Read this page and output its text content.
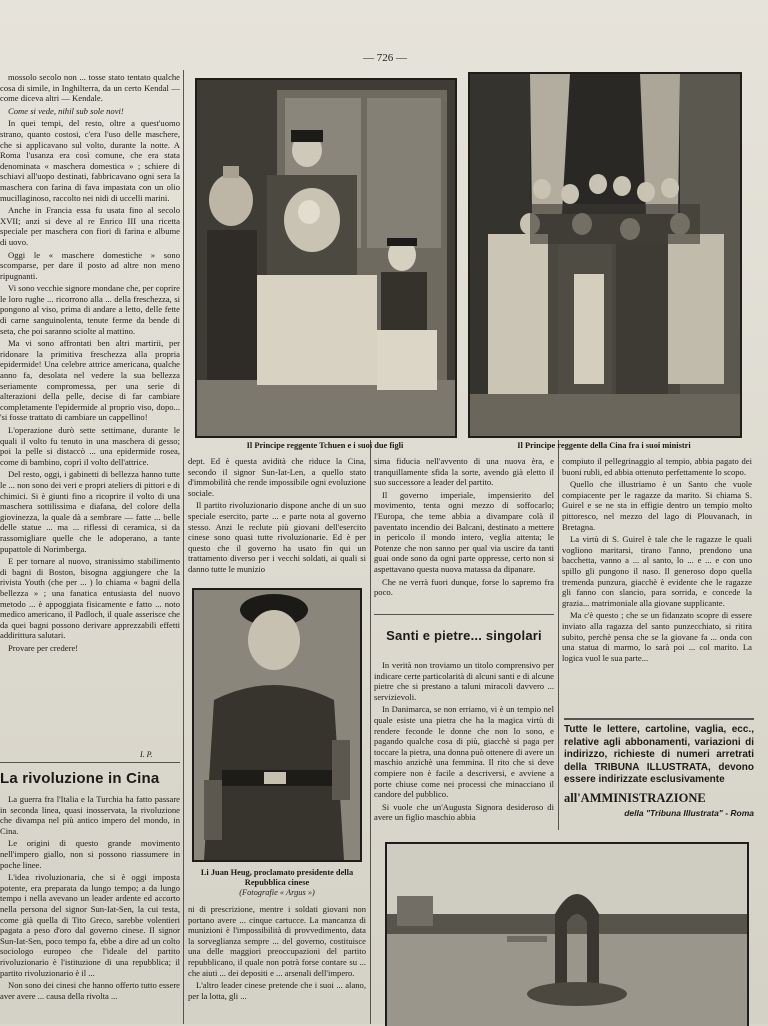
— 726 —

mossolo secolo non ... tosse stato tentato qualche cosa di simile, in Inghilterra, da un certo Kendal — come diceva altri — Kendale.

Come si vede, nihil sub sole novi!

In quei tempi, del resto, oltre a quest'uomo strano, quanto costosi, c'era l'uso delle maschere, che si applicavano sul volto, durante la notte. A Roma l'usanza era così comune, che era stata denominata « maschera domestica » ; schiere di schiavi all'uopo destinati, fabbricavano ogni sera la maschera con farina di fava impastata con un olio mucillaginoso, raccolto nei nidi di uccelli marini.

Anche in Francia essa fu usata fino al secolo XVII; anzi si deve al re Enrico III una ricetta speciale per maschera con fiori di farina e albume di uovo.

Oggi le « maschere domestiche » sono scomparse, per dare il posto ad altre non meno ripugnanti.

Vi sono vecchie signore mondane che, per coprire le loro rughe ... ricorrono alla ... della freschezza, si pongono al viso, prima di andare a letto, delle fette di carne sanguinolenta, tenute ferme da bende di seta, che poi saranno sciolte al mattino.

Ma vi sono affrontati ben altri martirii, per ridonare la primitiva freschezza alla propria epidermide! Una celebre attrice americana, qualche anno fa, desolata nel vedere la sua bellezza seriamente compromessa, per una serie di alterazioni della pelle, decise di far cambiare completamente l'epidermide al proprio viso, dopo... 'si fosse trattato di cambiare un cappellino!

L'operazione durò sette settimane, durante le quali il volto fu tenuto in una maschera di gesso; poi la pelle si distaccò ... una epidermide rosea, come di bambino, coprì il volto dell'attrice.

Del resto, oggi, i gabinetti di bellezza hanno tutte le ... non sono dei veri e propri ateliers di pittori e di chimici. Si è giunti fino a ricoprire il volto di una maschera sottilissima e diafana, del colore della giovinezza, la quale dà a sembrare — fatte ... belle delle statue ... ma ... riflessi di ceramica, si da rassomigliare quelle che le adoperano, a tante pupattole di Norimberga.

E per tornare al nuovo, stranissimo stabilimento di bagni di Boston, bisogna aggiungere che la rivista Youth (che per ... ) lo chiama « bagni della bellezza » ; una fanatica entusiasta del nuovo metodo ... è appoggiata fisicamente e fatto ... noto medico americano, il Padloch, il quale asserisce che da quei bagni possono derivare apprezzabili effetti addirittura salutari.

Provare per credere!

I. P.
La rivoluzione in Cina

La guerra fra l'Italia e la Turchia ha fatto passare in seconda linea, quasi inosservata, la rivoluzione che divampa nel più antico impero del mondo, in Cina.

Le origini di questo grande movimento nell'impero giallo, non si possono riassumere in poche linee.

L'idea rivoluzionaria, che si è oggi imposta potente, era preparata da lungo tempo; a da lungo tempo i nella avevano un leader ardente ed accorto nella persona del signor Sun-Iat-Sen, la cui testa, come già quella di Tito Greco, sarebbe volentieri pagata a peso d'oro dal governo cinese. Il signor Sun-Iat-Sen, poco tempo fa, ebbe a dire ad un colto sociologo europeo che l'ideale del partito rivoluzionario è l'istituzione di una repubblica; il partito rivoluzionario è il ...

Non sono dei cinesi che hanno offerto tutto essere aver avere ... causa della rivolta ...

Il Principe reggente Tchuen e i suoi due figli	Il Principe reggente della Cina fra i suoi ministri

dept. Ed è questa avidità che riduce la Cina, secondo il signor Sun-Iat-Len, a quello stato d'immobilità che rende impossibile ogni evoluzione sociale.

Il partito rivoluzionario dispone anche di un suo speciale esercito, parte ... e parte nota al governo stesso. Anzi le reclute più giovani dell'esercito cinese sono quasi tutte rivoluzionarie. Ed è per questo che il governo ha usato fin qui un trattamento diverso per i vecchi soldati, ai quali si danno tutte le munizio

Li Juan Heug, proclamato presidente della Repubblica cinese
(Fotografie « Argus »)

ni di prescrizione, mentre i soldati giovani non portano avere ... cinque cartucce. La mancanza di munizioni è l'impossibilità di provvedimento, data la sorveglianza sempre ... del governo, costituisce una delle maggiori preoccupazioni del partito repubblicano, il quale non potrà forse contare su ... che aiuti ... dei depositi e ... arsenali dell'impero.

L'altro leader cinese pretende che i suoi ... alano, per la lotta, gli ...

sima fiducia nell'avvento di una nuova èra, e tranquillamente sfida la sorte, avendo già eletto il suo successore a leader del partito.

Il governo imperiale, impensierito del movimento, tenta ogni mezzo di soffocarlo; l'Europa, che teme abbia a divampare colà il paventato incendio dei Balcani, destinato a mettere in pericolo il mondo intero, veglia attenta; le Potenze che non sanno per qual via uscire da tanti guai onde sono da ogni parte oppresse, certo non si aspettavano questa nuova matassa da dipanare.

Che ne verrà fuori dunque, forse lo sapremo fra poco.

Santi e pietre... singolari

In verità non troviamo un titolo comprensivo per indicare certe particolarità di alcuni santi e di alcune pietre che si prestano a taluni miracoli davvero ... servizievoli.

In Danimarca, se non erriamo, vi è un tempio nel quale esiste una pietra che ha la magica virtù di rendere feconde le donne che non lo sono, e pagando qualche cosa di più, giacchè si paga per toccare la pietra, una donna può ottenere di avere un maschio anzichè una femmina. Il rito che si deve compiere non è facile a descriversi, e avviene a porte chiuse come nei processi che minacciano il candore del pubblico.

Si vuole che un'Augusta Signora desideroso di avere un figlio maschio abbia

compiuto il pellegrinaggio al tempio, abbia pagato dei buoni rubli, ed abbia ottenuto perfettamente lo scopo.

Quello che illustriamo è un Santo che vuole compiacente per le ragazze da marito. Si chiama S. Guirel e se ne sta in effigie dentro un tempio molto pittoresco, nel mezzo del lago di Plouvanach, in Bretagna.

La virtù di S. Guirel è tale che le ragazze le quali vogliono maritarsi, tirano l'anno, prendono una bacchetta, vanno a ... al santo, lo ... e ... e con uno spillo gli pungono il naso. Il generoso dopo quella tremenda punzura, giacchè è evidente che le ragazze gli fanno con slancio, para sorrida, e concede la grazia... matrimoniale alla giovane supplicante.

Ma c'è questo ; che se un fidanzato scopre di essere inviato alla ragazza del santo punzecchiato, si ritira subito, perchè pensa che se la giovane fa ... onda con una statua di marmo, lo sarà poi ... col marito. La logica vuol le sua parte...

Tutte le lettere, cartoline, vaglia, ecc., relative agli abbonamenti, variazioni di indirizzo, richieste di numeri arretrati della TRIBUNA ILLUSTRATA, devono essere indirizzate esclusivamente
all'AMMINISTRAZIONE
della "Tribuna Illustrata" - Roma
